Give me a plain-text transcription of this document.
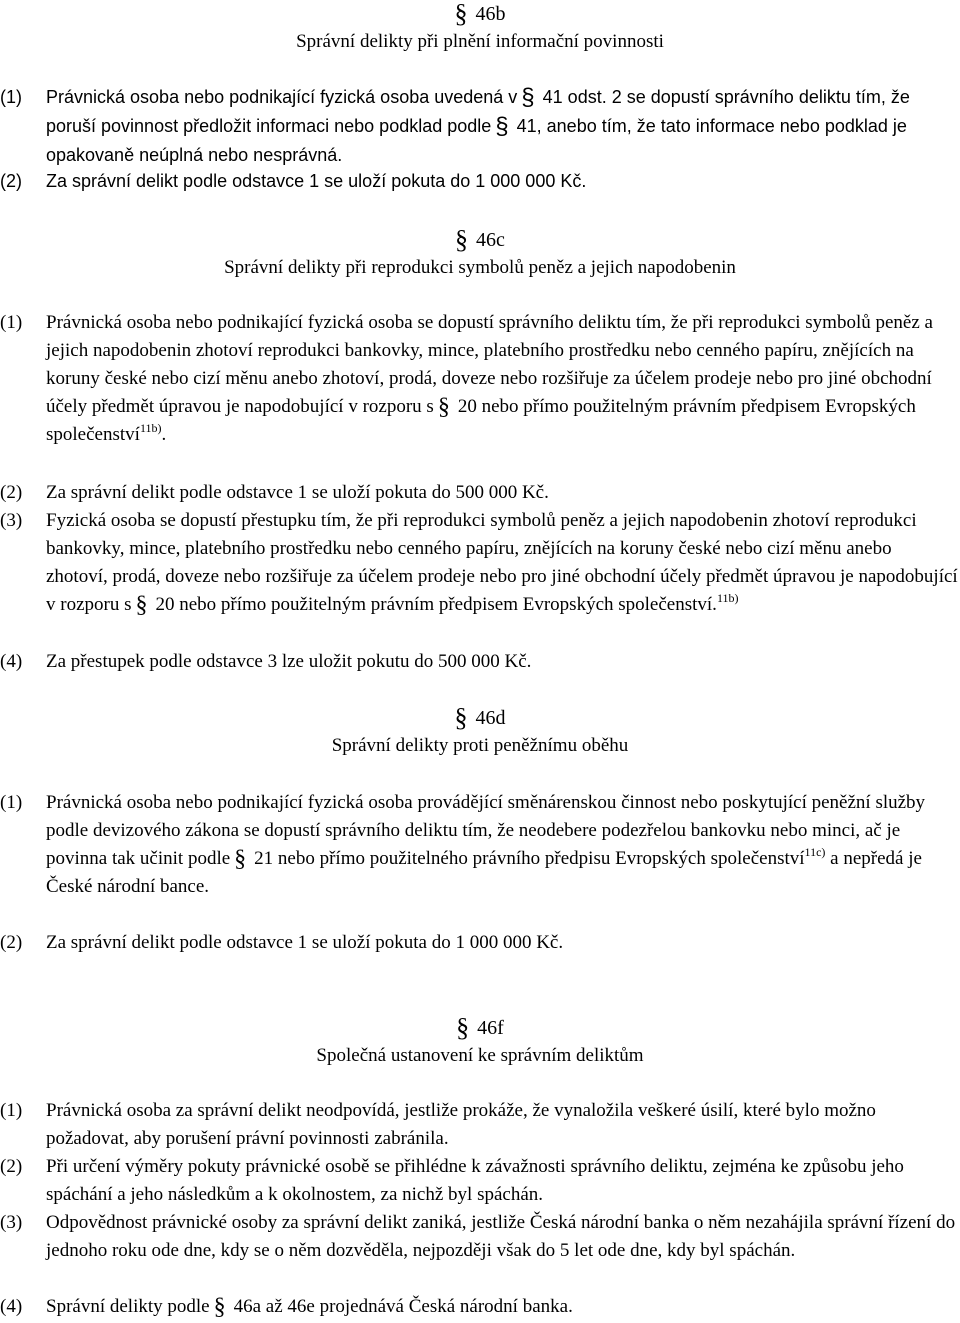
§ 46b
Správní delikty při plnění informační povinnosti
(1) Právnická osoba nebo podnikající fyzická osoba uvedená v § 41 odst. 2 se dopustí správního deliktu tím, že poruší povinnost předložit informaci nebo podklad podle § 41, anebo tím, že tato informace nebo podklad je opakovaně neúplná nebo nesprávná.
(2) Za správní delikt podle odstavce 1 se uloží pokuta do 1 000 000 Kč.
§ 46c
Správní delikty při reprodukci symbolů peněz a jejich napodobenin
(1) Právnická osoba nebo podnikající fyzická osoba se dopustí správního deliktu tím, že při reprodukci symbolů peněz a jejich napodobenin zhotoví reprodukci bankovky, mince, platebního prostředku nebo cenného papíru, znějících na koruny české nebo cizí měnu anebo zhotoví, prodá, doveze nebo rozšiřuje za účelem prodeje nebo pro jiné obchodní účely předmět úpravou je napodobující v rozporu s § 20 nebo přímo použitelným právním předpisem Evropských společenství$^{11b)}$.
(2) Za správní delikt podle odstavce 1 se uloží pokuta do 500 000 Kč.
(3) Fyzická osoba se dopustí přestupku tím, že při reprodukci symbolů peněz a jejich napodobenin zhotoví reprodukci bankovky, mince, platebního prostředku nebo cenného papíru, znějících na koruny české nebo cizí měnu anebo zhotoví, prodá, doveze nebo rozšiřuje za účelem prodeje nebo pro jiné obchodní účely předmět úpravou je napodobující v rozporu s § 20 nebo přímo použitelným právním předpisem Evropských společenství.$^{11b)}$
(4) Za přestupek podle odstavce 3 lze uložit pokutu do 500 000 Kč.
§ 46d
Správní delikty proti peněžnímu oběhu
(1) Právnická osoba nebo podnikající fyzická osoba provádějící směnárenskou činnost nebo poskytující peněžní služby podle devizového zákona se dopustí správního deliktu tím, že neodebere podezřelou bankovku nebo minci, ač je povinna tak učinit podle § 21 nebo přímo použitelného právního předpisu Evropských společenství$^{11c)}$ a nepředá je České národní bance.
(2) Za správní delikt podle odstavce 1 se uloží pokuta do 1 000 000 Kč.
§ 46f
Společná ustanovení ke správním deliktům
(1) Právnická osoba za správní delikt neodpovídá, jestliže prokáže, že vynaložila veškeré úsilí, které bylo možno požadovat, aby porušení právní povinnosti zabránila.
(2) Při určení výměry pokuty právnické osobě se přihlédne k závažnosti správního deliktu, zejména ke způsobu jeho spáchání a jeho následkům a k okolnostem, za nichž byl spáchán.
(3) Odpovědnost právnické osoby za správní delikt zaniká, jestliže Česká národní banka o něm nezahájila správní řízení do jednoho roku ode dne, kdy se o něm dozvěděla, nejpozději však do 5 let ode dne, kdy byl spáchán.
(4) Správní delikty podle § 46a až 46e projednává Česká národní banka.
